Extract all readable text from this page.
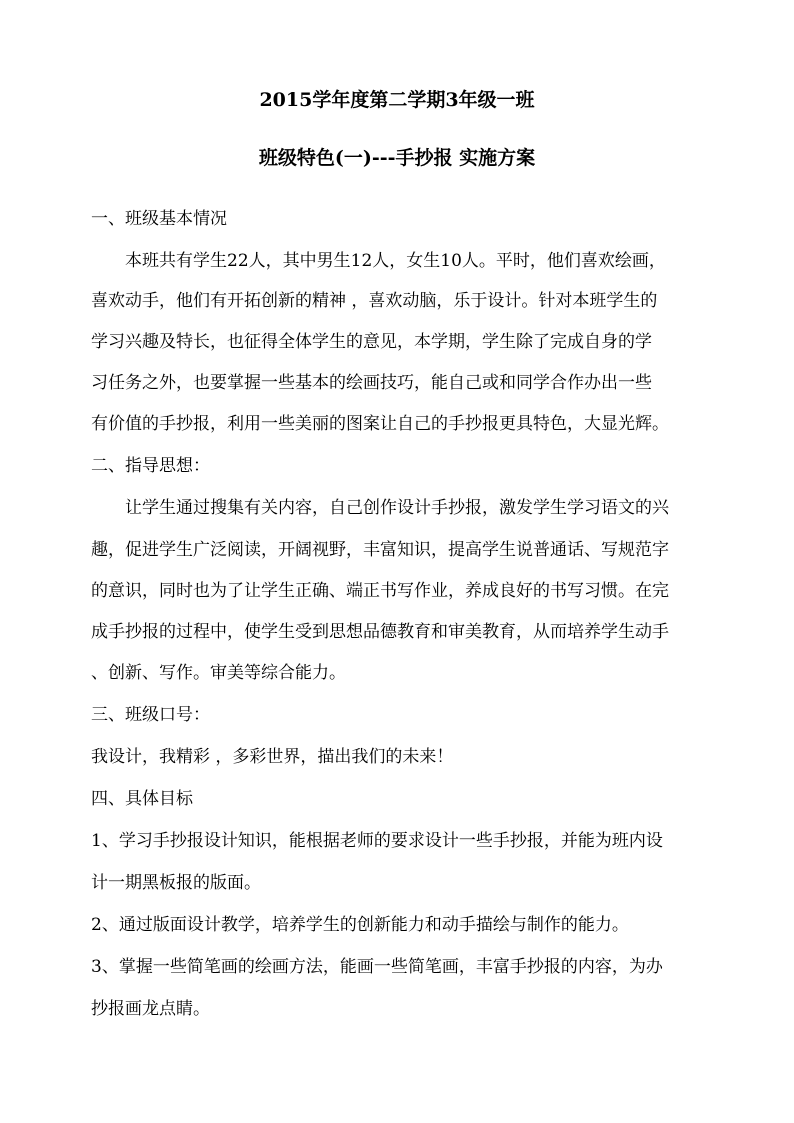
2015学年度第二学期3年级一班
班级特色(一)---手抄报 实施方案
一、班级基本情况
本班共有学生22人，其中男生12人，女生10人。平时，他们喜欢绘画，
喜欢动手，他们有开拓创新的精神 ，喜欢动脑，乐于设计。针对本班学生的
学习兴趣及特长，也征得全体学生的意见，本学期，学生除了完成自身的学
习任务之外，也要掌握一些基本的绘画技巧，能自己或和同学合作办出一些
有价值的手抄报，利用一些美丽的图案让自己的手抄报更具特色，大显光辉。
二、指导思想：
让学生通过搜集有关内容，自己创作设计手抄报，激发学生学习语文的兴
趣，促进学生广泛阅读，开阔视野，丰富知识，提高学生说普通话、写规范字
的意识，同时也为了让学生正确、端正书写作业，养成良好的书写习惯。在完
成手抄报的过程中，使学生受到思想品德教育和审美教育，从而培养学生动手
、创新、写作。审美等综合能力。
三、班级口号：
我设计，我精彩 ，多彩世界，描出我们的未来！
四、具体目标
1、学习手抄报设计知识，能根据老师的要求设计一些手抄报，并能为班内设
计一期黑板报的版面。
2、通过版面设计教学，培养学生的创新能力和动手描绘与制作的能力。
3、掌握一些简笔画的绘画方法，能画一些简笔画，丰富手抄报的内容，为办
抄报画龙点睛。
